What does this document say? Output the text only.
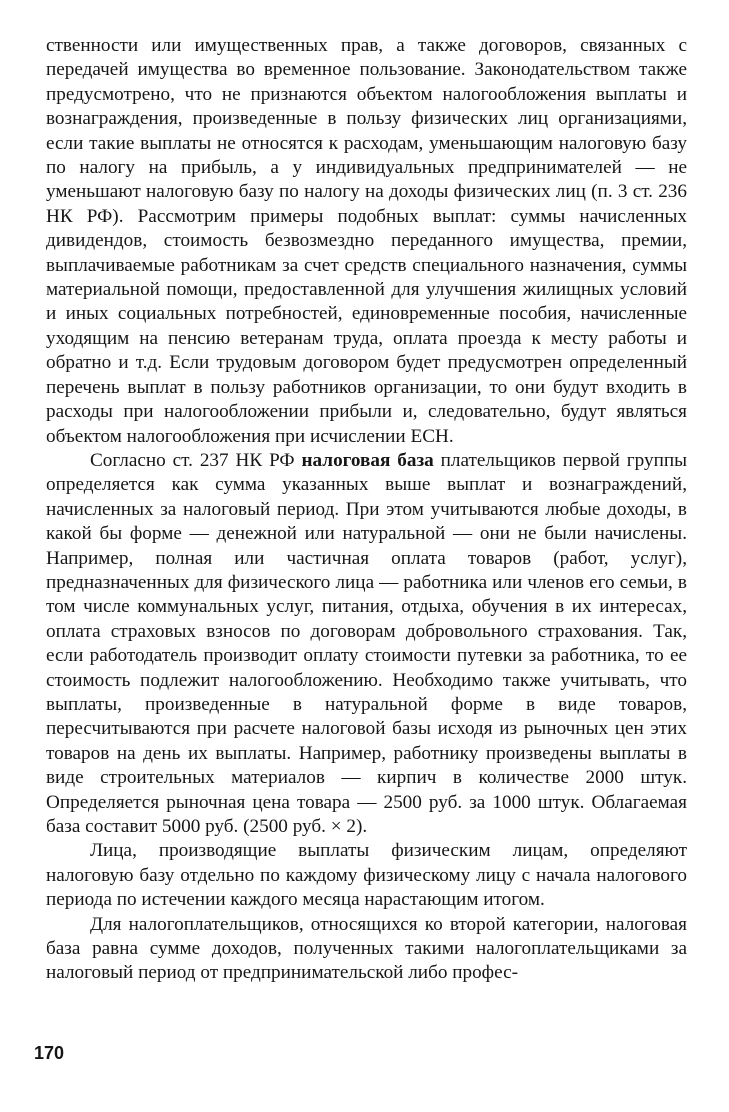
ственности или имущественных прав, а также договоров, связанных с передачей имущества во временное пользование. Законодательством также предусмотрено, что не признаются объектом налогообложения выплаты и вознаграждения, произведенные в пользу физических лиц организациями, если такие выплаты не относятся к расходам, уменьшающим налоговую базу по налогу на прибыль, а у индивидуальных предпринимателей — не уменьшают налоговую базу по налогу на доходы физических лиц (п. 3 ст. 236 НК РФ). Рассмотрим примеры подобных выплат: суммы начисленных дивидендов, стоимость безвозмездно переданного имущества, премии, выплачиваемые работникам за счет средств специального назначения, суммы материальной помощи, предоставленной для улучшения жилищных условий и иных социальных потребностей, единовременные пособия, начисленные уходящим на пенсию ветеранам труда, оплата проезда к месту работы и обратно и т.д. Если трудовым договором будет предусмотрен определенный перечень выплат в пользу работников организации, то они будут входить в расходы при налогообложении прибыли и, следовательно, будут являться объектом налогообложения при исчислении ЕСН.

Согласно ст. 237 НК РФ налоговая база плательщиков первой группы определяется как сумма указанных выше выплат и вознаграждений, начисленных за налоговый период. При этом учитываются любые доходы, в какой бы форме — денежной или натуральной — они не были начислены. Например, полная или частичная оплата товаров (работ, услуг), предназначенных для физического лица — работника или членов его семьи, в том числе коммунальных услуг, питания, отдыха, обучения в их интересах, оплата страховых взносов по договорам добровольного страхования. Так, если работодатель производит оплату стоимости путевки за работника, то ее стоимость подлежит налогообложению. Необходимо также учитывать, что выплаты, произведенные в натуральной форме в виде товаров, пересчитываются при расчете налоговой базы исходя из рыночных цен этих товаров на день их выплаты. Например, работнику произведены выплаты в виде строительных материалов — кирпич в количестве 2000 штук. Определяется рыночная цена товара — 2500 руб. за 1000 штук. Облагаемая база составит 5000 руб. (2500 руб. × 2).

Лица, производящие выплаты физическим лицам, определяют налоговую базу отдельно по каждому физическому лицу с начала налогового периода по истечении каждого месяца нарастающим итогом.

Для налогоплательщиков, относящихся ко второй категории, налоговая база равна сумме доходов, полученных такими налогоплательщиками за налоговый период от предпринимательской либо профес-

170
